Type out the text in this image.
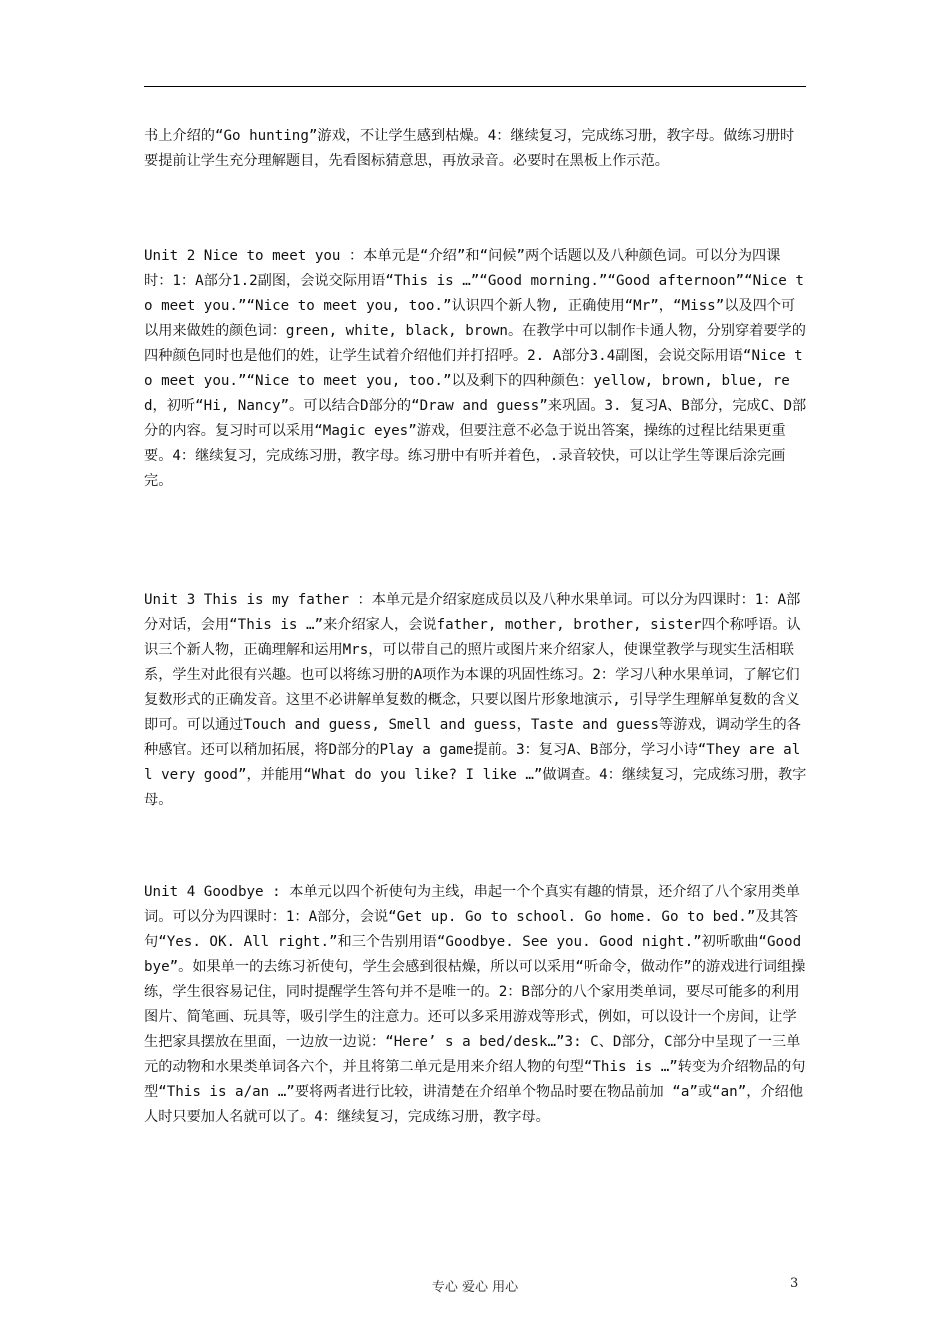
书上介绍的“Go hunting”游戏，不让学生感到枯燥。4：继续复习，完成练习册，教字母。做练习册时要提前让学生充分理解题目，先看图标猜意思，再放录音。必要时在黑板上作示范。

Unit 2 Nice to meet you ：本单元是“介绍”和“问候”两个话题以及八种颜色词。可以分为四课时：1：A部分1.2副图，会说交际用语“This is …”“Good morning.”“Good afternoon”“Nice to meet you.”“Nice to meet you, too.”认识四个新人物, 正确使用“Mr”，“Miss”以及四个可以用来做姓的颜色词：green, white, black, brown。在教学中可以制作卡通人物，分别穿着要学的四种颜色同时也是他们的姓，让学生试着介绍他们并打招呼。2. A部分3.4副图，会说交际用语“Nice to meet you.”“Nice to meet you, too.”以及剩下的四种颜色：yellow, brown, blue, red，初听“Hi, Nancy”。可以结合D部分的“Draw and guess”来巩固。3. 复习A、B部分，完成C、D部分的内容。复习时可以采用“Magic eyes”游戏，但要注意不必急于说出答案，操练的过程比结果更重要。4：继续复习，完成练习册，教字母。练习册中有听并着色，.录音较快，可以让学生等课后涂完画完。

Unit 3 This is my father ：本单元是介绍家庭成员以及八种水果单词。可以分为四课时：1：A部分对话，会用“This is …”来介绍家人，会说father, mother, brother, sister四个称呼语。认识三个新人物，正确理解和运用Mrs，可以带自己的照片或图片来介绍家人，使课堂教学与现实生活相联系，学生对此很有兴趣。也可以将练习册的A项作为本课的巩固性练习。2：学习八种水果单词，了解它们复数形式的正确发音。这里不必讲解单复数的概念，只要以图片形象地演示, 引导学生理解单复数的含义即可。可以通过Touch and guess, Smell and guess，Taste and guess等游戏，调动学生的各种感官。还可以稍加拓展，将D部分的Play a game提前。3：复习A、B部分，学习小诗“They are all very good”，并能用“What do you like? I like …”做调查。4：继续复习，完成练习册，教字母。

Unit 4 Goodbye : 本单元以四个祈使句为主线，串起一个个真实有趣的情景，还介绍了八个家用类单词。可以分为四课时：1：A部分，会说“Get up. Go to school. Go home. Go to bed.”及其答句“Yes. OK. All right.”和三个告别用语“Goodbye. See you. Good night.”初听歌曲“Goodbye”。如果单一的去练习祈使句，学生会感到很枯燥，所以可以采用“听命令，做动作”的游戏进行词组操练，学生很容易记住，同时提醒学生答句并不是唯一的。2：B部分的八个家用类单词，要尽可能多的利用图片、简笔画、玩具等，吸引学生的注意力。还可以多采用游戏等形式，例如，可以设计一个房间，让学生把家具摆放在里面，一边放一边说：“Here’ s a bed/desk…”3: C、D部分，C部分中呈现了一三单元的动物和水果类单词各六个，并且将第二单元是用来介绍人物的句型“This is …”转变为介绍物品的句型“This is a/an …”要将两者进行比较，讲清楚在介绍单个物品时要在物品前加 “a”或“an”，介绍他人时只要加人名就可以了。4：继续复习，完成练习册，教字母。

专心 爱心 用心	3
